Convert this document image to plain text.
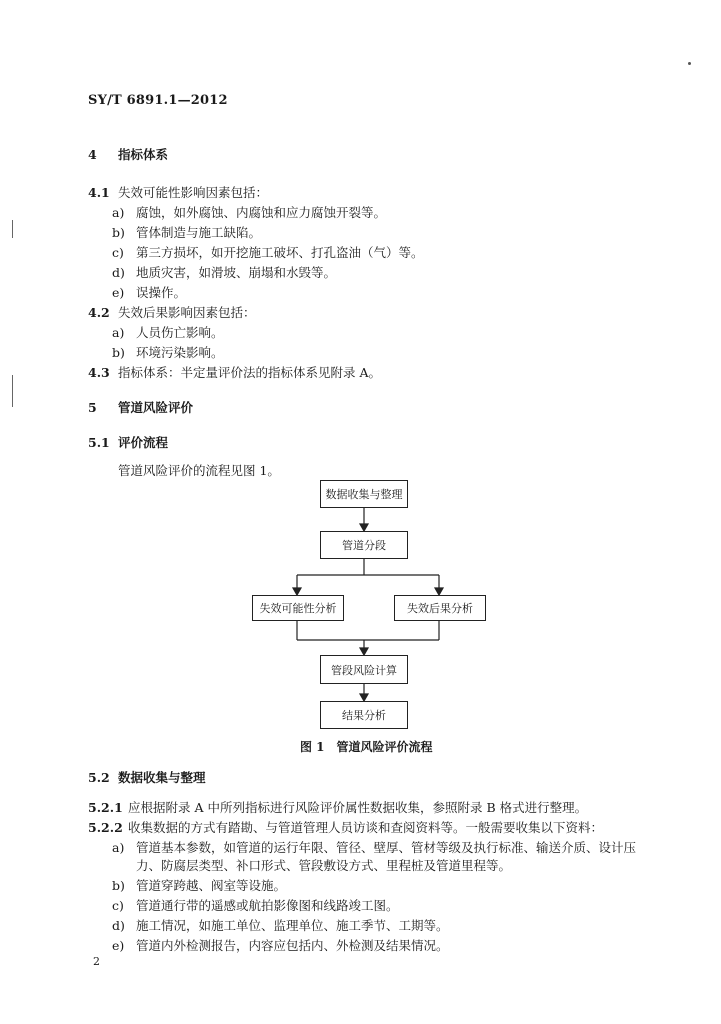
SY/T 6891.1—2012
4 指标体系
4.1 失效可能性影响因素包括：
a) 腐蚀，如外腐蚀、内腐蚀和应力腐蚀开裂等。
b) 管体制造与施工缺陷。
c) 第三方损坏，如开挖施工破坏、打孔盗油（气）等。
d) 地质灾害，如滑坡、崩塌和水毁等。
e) 误操作。
4.2 失效后果影响因素包括：
a) 人员伤亡影响。
b) 环境污染影响。
4.3 指标体系：半定量评价法的指标体系见附录 A。
5 管道风险评价
5.1 评价流程
管道风险评价的流程见图 1。
数据收集与整理
管道分段
失效可能性分析	失效后果分析
管段风险计算
结果分析
图 1　管道风险评价流程
5.2 数据收集与整理
5.2.1 应根据附录 A 中所列指标进行风险评价属性数据收集，参照附录 B 格式进行整理。
5.2.2 收集数据的方式有踏勘、与管道管理人员访谈和查阅资料等。一般需要收集以下资料：
a) 管道基本参数，如管道的运行年限、管径、壁厚、管材等级及执行标准、输送介质、设计压
力、防腐层类型、补口形式、管段敷设方式、里程桩及管道里程等。
b) 管道穿跨越、阀室等设施。
c) 管道通行带的遥感或航拍影像图和线路竣工图。
d) 施工情况，如施工单位、监理单位、施工季节、工期等。
e) 管道内外检测报告，内容应包括内、外检测及结果情况。
2
